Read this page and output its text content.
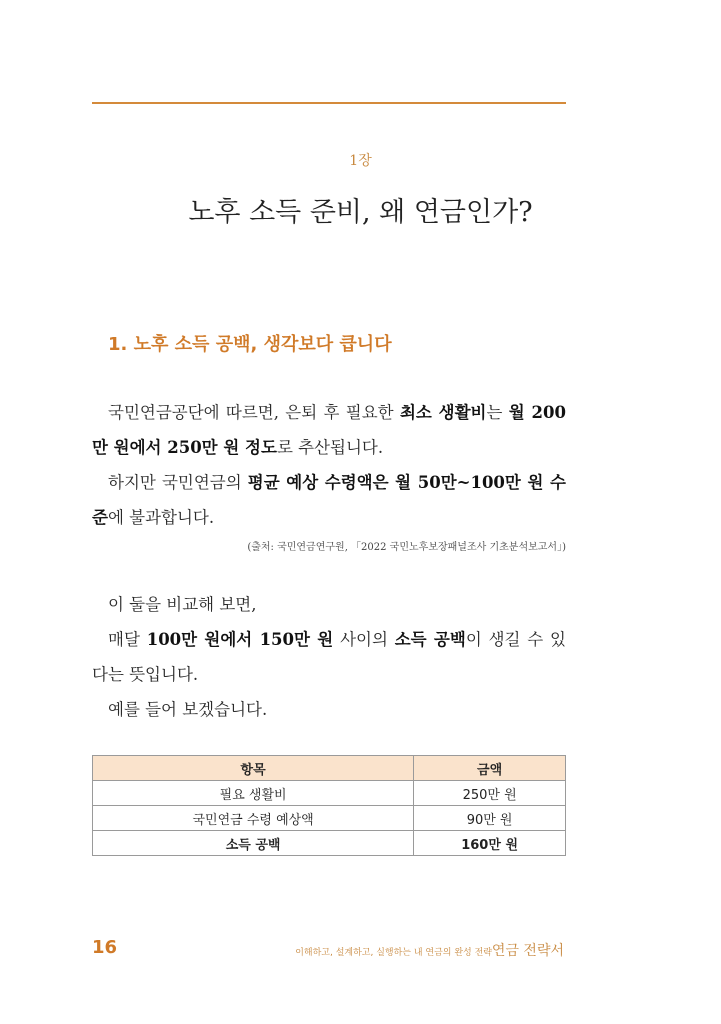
1장
노후 소득 준비, 왜 연금인가?
1. 노후 소득 공백, 생각보다 큽니다

국민연금공단에 따르면, 은퇴 후 필요한 최소 생활비는 월 200만 원에서 250만 원 정도로 추산됩니다.

하지만 국민연금의 평균 예상 수령액은 월 50만~100만 원 수준에 불과합니다.

(출처: 국민연금연구원, 「2022 국민노후보장패널조사 기초분석보고서」)

이 둘을 비교해 보면,

매달 100만 원에서 150만 원 사이의 소득 공백이 생길 수 있다는 뜻입니다.

예를 들어 보겠습니다.

항목	금액
필요 생활비	250만 원
국민연금 수령 예상액	90만 원
소득 공백	160만 원
16	이해하고, 설계하고, 실행하는 내 연금의 완성 전략 연금 전략서
